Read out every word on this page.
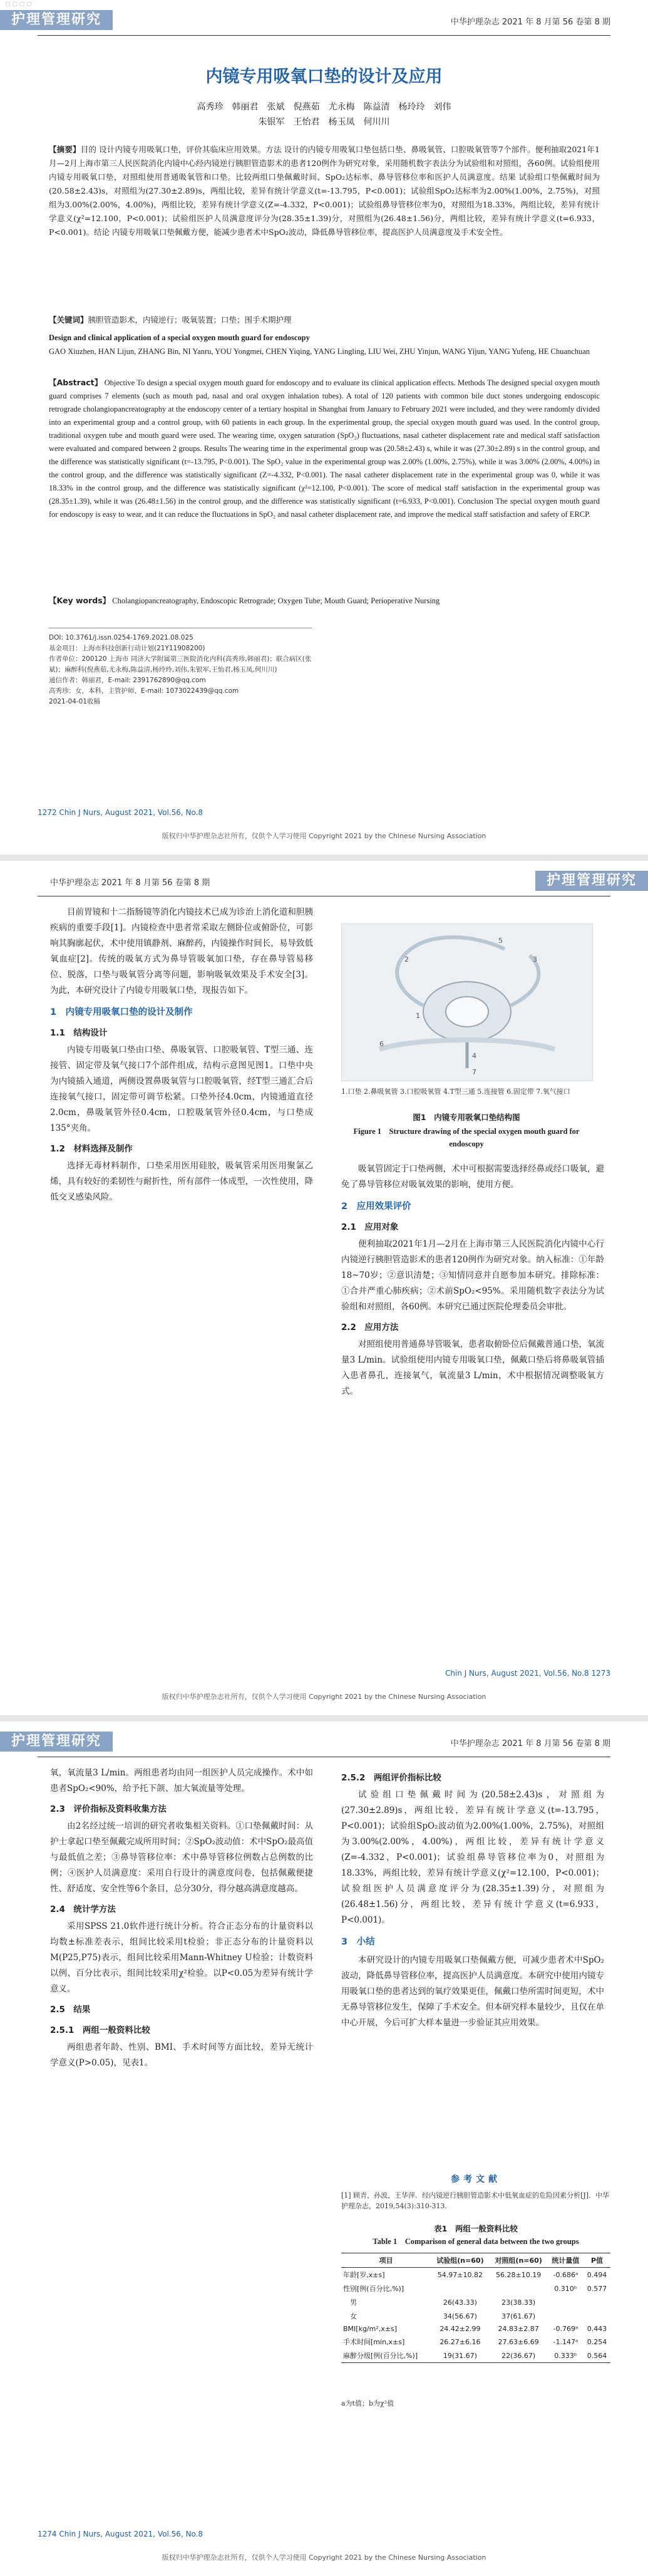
▢ ▢ ▢ ▢
护理管理研究	中华护理杂志 2021 年 8 月第 56 卷第 8 期
内镜专用吸氧口垫的设计及应用
高秀珍　韩丽君　张斌　倪燕茹　尤永梅　陈益清　杨玲玲　刘伟
朱银军　王怡君　杨玉凤　何川川
【摘要】目的 设计内镜专用吸氧口垫，评价其临床应用效果。方法 设计的内镜专用吸氧口垫包括口垫、鼻吸氧管、口腔吸氧管等7个部件。便利抽取2021年1月—2月上海市第三人民医院消化内镜中心经内镜逆行胰胆管造影术的患者120例作为研究对象，采用随机数字表法分为试验组和对照组，各60例。试验组使用内镜专用吸氧口垫，对照组使用普通吸氧管和口垫。比较两组口垫佩戴时间、SpO₂达标率、鼻导管移位率和医护人员满意度。结果 试验组口垫佩戴时间为(20.58±2.43)s，对照组为(27.30±2.89)s，两组比较，差异有统计学意义(t=-13.795，P<0.001)；试验组SpO₂达标率为2.00%(1.00%，2.75%)，对照组为3.00%(2.00%，4.00%)，两组比较，差异有统计学意义(Z=-4.332，P<0.001)；试验组鼻导管移位率为0，对照组为18.33%，两组比较，差异有统计学意义(χ²=12.100，P<0.001)；试验组医护人员满意度评分为(28.35±1.39)分，对照组为(26.48±1.56)分，两组比较，差异有统计学意义(t=6.933，P<0.001)。结论 内镜专用吸氧口垫佩戴方便，能减少患者术中SpO₂波动，降低鼻导管移位率，提高医护人员满意度及手术安全性。
【关键词】胰胆管造影术，内镜逆行；吸氧装置；口垫；围手术期护理
Design and clinical application of a special oxygen mouth guard for endoscopy
GAO Xiuzhen, HAN Lijun, ZHANG Bin, NI Yanru, YOU Yongmei, CHEN Yiqing, YANG Lingling, LIU Wei, ZHU Yinjun, WANG Yijun, YANG Yufeng, HE Chuanchuan
【Abstract】 Objective To design a special oxygen mouth guard for endoscopy and to evaluate its clinical application effects. Methods The designed special oxygen mouth guard comprises 7 elements (such as mouth pad, nasal and oral oxygen inhalation tubes). A total of 120 patients with common bile duct stones undergoing endoscopic retrograde cholangiopancreatography at the endoscopy center of a tertiary hospital in Shanghai from January to February 2021 were included, and they were randomly divided into an experimental group and a control group, with 60 patients in each group. In the experimental group, the special oxygen mouth guard was used. In the control group, traditional oxygen tube and mouth guard were used. The wearing time, oxygen saturation (SpO₂) fluctuations, nasal catheter displacement rate and medical staff satisfaction were evaluated and compared between 2 groups. Results The wearing time in the experimental group was (20.58±2.43) s, while it was (27.30±2.89) s in the control group, and the difference was statistically significant (t=-13.795, P<0.001). The SpO₂ value in the experimental group was 2.00% (1.00%, 2.75%), while it was 3.00% (2.00%, 4.00%) in the control group, and the difference was statistically significant (Z=-4.332, P<0.001). The nasal catheter displacement rate in the experimental group was 0, while it was 18.33% in the control group, and the difference was statistically significant (χ²=12.100, P<0.001). The score of medical staff satisfaction in the experimental group was (28.35±1.39), while it was (26.48±1.56) in the control group, and the difference was statistically significant (t=6.933, P<0.001). Conclusion The special oxygen mouth guard for endoscopy is easy to wear, and it can reduce the fluctuations in SpO₂ and nasal catheter displacement rate, and improve the medical staff satisfaction and safety of ERCP.
【Key words】 Cholangiopancreatography, Endoscopic Retrograde; Oxygen Tube; Mouth Guard; Perioperative Nursing
DOI: 10.3761/j.issn.0254-1769.2021.08.025
基金项目：上海市科技创新行动计划(21Y11908200)
作者单位：200120 上海市 同济大学附属第三医院消化内科(高秀珍,韩丽君)；联合病区(张斌)；麻醉科(倪燕茹,尤永梅,陈益清,杨玲玲,刘伟,朱银军,王怡君,杨玉凤,何川川)
通信作者：韩丽君，E-mail: 2391762890@qq.com
高秀珍：女，本科，主管护师，E-mail: 1073022439@qq.com
2021-04-01收稿
1272 Chin J Nurs, August 2021, Vol.56, No.8
版权归中华护理杂志社所有，仅供个人学习使用 Copyright 2021 by the Chinese Nursing Association
中华护理杂志 2021 年 8 月第 56 卷第 8 期	护理管理研究

目前胃镜和十二指肠镜等消化内镜技术已成为诊治上消化道和胆胰疾病的重要手段[1]。内镜检查中患者常采取左侧卧位或俯卧位，可影响其胸廓起伏，术中使用镇静剂、麻醉药，内镜操作时间长，易导致低氧血症[2]。传统的吸氧方式为鼻导管吸氧加口垫，存在鼻导管易移位、脱落，口垫与吸氧管分离等问题，影响吸氧效果及手术安全[3]。为此，本研究设计了内镜专用吸氧口垫，现报告如下。

1　内镜专用吸氧口垫的设计及制作
1.1　结构设计

内镜专用吸氧口垫由口垫、鼻吸氧管、口腔吸氧管、T型三通、连接管、固定带及氧气接口7个部件组成，结构示意图见图1。口垫中央为内镜插入通道，两侧设置鼻吸氧管与口腔吸氧管，经T型三通汇合后连接氧气接口，固定带可调节松紧。口垫外径4.0cm，内镜通道直径2.0cm，鼻吸氧管外径0.4cm，口腔吸氧管外径0.4cm，与口垫成135°夹角。

1.2　材料选择及制作

选择无毒材料制作，口垫采用医用硅胶，吸氧管采用医用聚氯乙烯，具有较好的柔韧性与耐折性，所有部件一体成型，一次性使用，降低交叉感染风险。

1
2	3
4
5
6
7
1.口垫 2.鼻吸氧管 3.口腔吸氧管 4.T型三通 5.连接管 6.固定带 7.氧气接口
图1　内镜专用吸氧口垫结构图
Figure 1　Structure drawing of the special oxygen mouth guard for endoscopy

吸氧管固定于口垫两侧，术中可根据需要选择经鼻或经口吸氧，避免了鼻导管移位对吸氧效果的影响，使用方便。

2　应用效果评价
2.1　应用对象

便利抽取2021年1月—2月在上海市第三人民医院消化内镜中心行内镜逆行胰胆管造影术的患者120例作为研究对象。纳入标准：①年龄18~70岁；②意识清楚；③知情同意并自愿参加本研究。排除标准：①合并严重心肺疾病；②术前SpO₂<95%。采用随机数字表法分为试验组和对照组，各60例。本研究已通过医院伦理委员会审批。

2.2　应用方法

对照组使用普通鼻导管吸氧，患者取俯卧位后佩戴普通口垫，氧流量3 L/min。试验组使用内镜专用吸氧口垫，佩戴口垫后将鼻吸氧管插入患者鼻孔，连接氧气，氧流量3 L/min，术中根据情况调整吸氧方式。

Chin J Nurs, August 2021, Vol.56, No.8 1273
版权归中华护理杂志社所有，仅供个人学习使用 Copyright 2021 by the Chinese Nursing Association
护理管理研究	中华护理杂志 2021 年 8 月第 56 卷第 8 期

氧，氧流量3 L/min。两组患者均由同一组医护人员完成操作。术中如患者SpO₂<90%，给予托下颌、加大氧流量等处理。

2.3　评价指标及资料收集方法

由2名经过统一培训的研究者收集相关资料。①口垫佩戴时间：从护士拿起口垫至佩戴完成所用时间；②SpO₂波动值：术中SpO₂最高值与最低值之差；③鼻导管移位率：术中鼻导管移位例数占总例数的比例；④医护人员满意度：采用自行设计的满意度问卷，包括佩戴便捷性、舒适度、安全性等6个条目，总分30分，得分越高满意度越高。

2.4　统计学方法

采用SPSS 21.0软件进行统计分析。符合正态分布的计量资料以均数±标准差表示，组间比较采用t检验；非正态分布的计量资料以M(P25,P75)表示，组间比较采用Mann-Whitney U检验；计数资料以例、百分比表示，组间比较采用χ²检验。以P<0.05为差异有统计学意义。

2.5　结果
2.5.1　两组一般资料比较

两组患者年龄、性别、BMI、手术时间等方面比较，差异无统计学意义(P>0.05)，见表1。

2.5.2　两组评价指标比较

试验组口垫佩戴时间为(20.58±2.43)s，对照组为(27.30±2.89)s，两组比较，差异有统计学意义(t=-13.795，P<0.001)；试验组SpO₂波动值为2.00%(1.00%，2.75%)，对照组为3.00%(2.00%，4.00%)，两组比较，差异有统计学意义(Z=-4.332，P<0.001)；试验组鼻导管移位率为0，对照组为18.33%，两组比较，差异有统计学意义(χ²=12.100，P<0.001)；试验组医护人员满意度评分为(28.35±1.39)分，对照组为(26.48±1.56)分，两组比较，差异有统计学意义(t=6.933，P<0.001)。

3　小结

本研究设计的内镜专用吸氧口垫佩戴方便，可减少患者术中SpO₂波动，降低鼻导管移位率，提高医护人员满意度。本研究中使用内镜专用吸氧口垫的患者达到的氧疗效果更佳，佩戴口垫所需时间更短，术中无鼻导管移位发生，保障了手术安全。但本研究样本量较少，且仅在单中心开展，今后可扩大样本量进一步验证其应用效果。

参考文献
[1] 顾青，孙波，王华萍．经内镜逆行胰胆管造影术中低氧血症的危险因素分析[J]．中华护理杂志，2019,54(3):310-313.
表1　两组一般资料比较
Table 1　Comparison of general data between the two groups
项目	试验组(n=60)	对照组(n=60)	统计量值	P值
年龄[岁,x±s]	54.97±10.82	56.28±10.19	-0.686ᵃ	0.494
性别[例(百分比,%)]			0.310ᵇ	0.577
　男	26(43.33)	23(38.33)		
　女	34(56.67)	37(61.67)		
BMI[kg/m²,x±s]	24.42±2.99	24.83±2.87	-0.769ᵃ	0.443
手术时间[min,x±s]	26.27±6.16	27.63±6.69	-1.147ᵃ	0.254
麻醉分级[例(百分比,%)]	19(31.67)	22(36.67)	0.333ᵇ	0.564
a为t值；b为χ²值
1274 Chin J Nurs, August 2021, Vol.56, No.8
版权归中华护理杂志社所有，仅供个人学习使用 Copyright 2021 by the Chinese Nursing Association
